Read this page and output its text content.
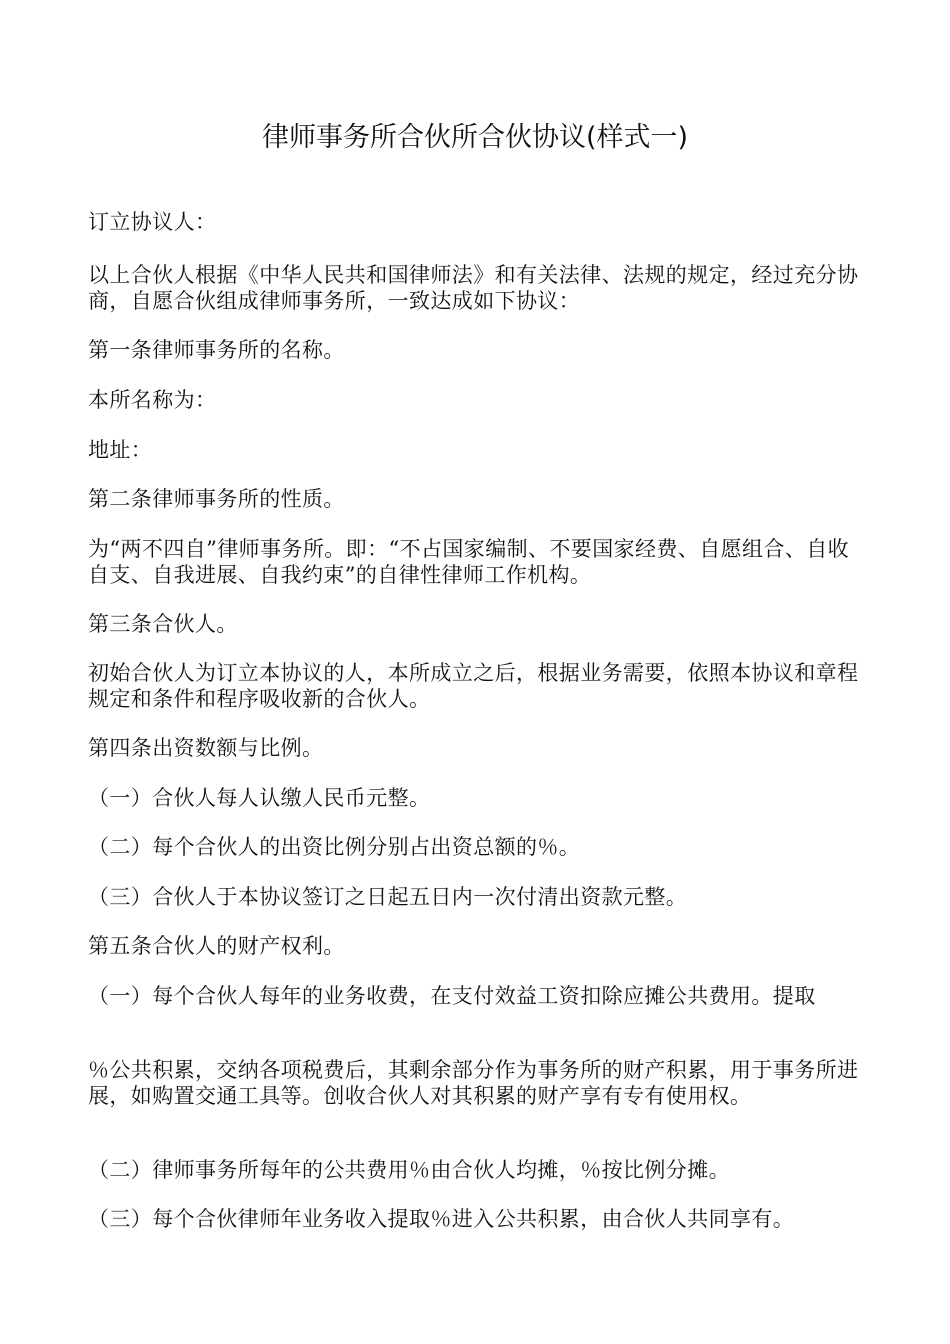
律师事务所合伙所合伙协议(样式一)

订立协议人：

以上合伙人根据《中华人民共和国律师法》和有关法律、法规的规定，经过充分协商，自愿合伙组成律师事务所，一致达成如下协议：

第一条律师事务所的名称。

本所名称为：

地址：

第二条律师事务所的性质。

为“两不四自”律师事务所。即：“不占国家编制、不要国家经费、自愿组合、自收自支、自我进展、自我约束”的自律性律师工作机构。

第三条合伙人。

初始合伙人为订立本协议的人，本所成立之后，根据业务需要，依照本协议和章程规定和条件和程序吸收新的合伙人。

第四条出资数额与比例。

（一）合伙人每人认缴人民币元整。

（二）每个合伙人的出资比例分别占出资总额的％。

（三）合伙人于本协议签订之日起五日内一次付清出资款元整。

第五条合伙人的财产权利。

（一）每个合伙人每年的业务收费，在支付效益工资扣除应摊公共费用。提取

％公共积累，交纳各项税费后，其剩余部分作为事务所的财产积累，用于事务所进展，如购置交通工具等。创收合伙人对其积累的财产享有专有使用权。

（二）律师事务所每年的公共费用％由合伙人均摊，％按比例分摊。

（三）每个合伙律师年业务收入提取％进入公共积累，由合伙人共同享有。
